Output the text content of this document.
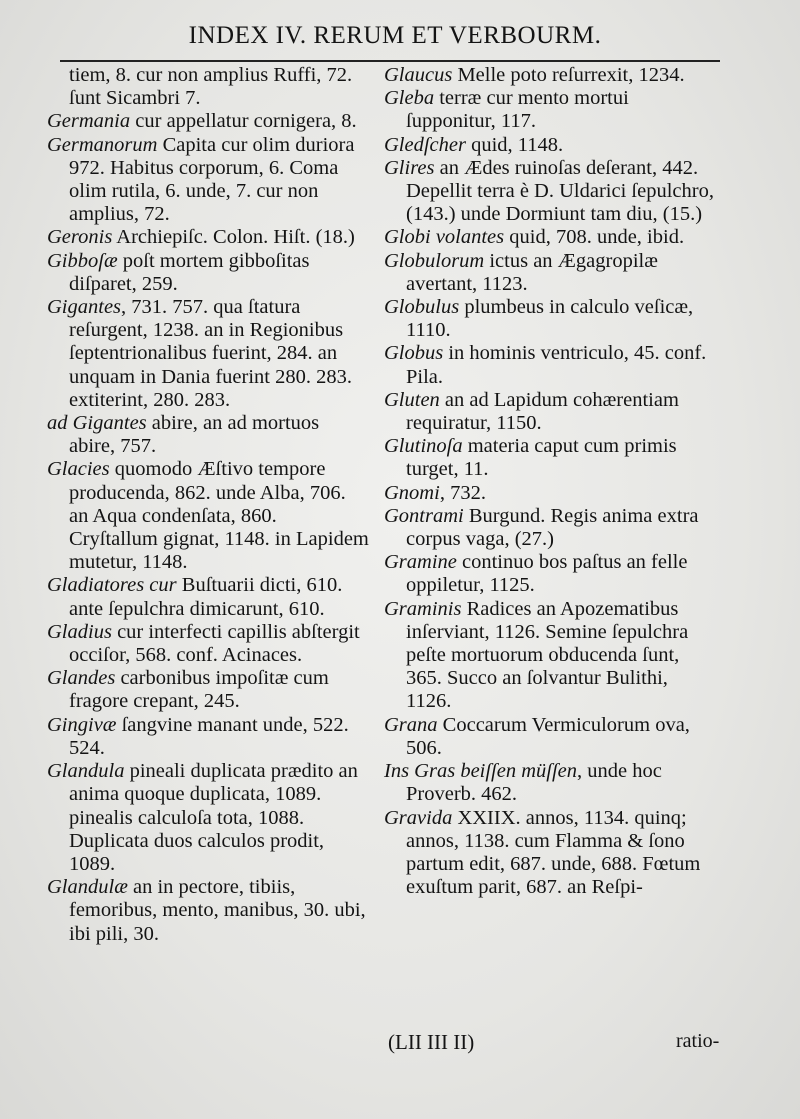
INDEX IV. RERUM ET VERBOURM.
tiem, 8. cur non amplius Ruffi, 72. ſunt Sicambri 7.
Germania cur appellatur cornigera, 8.
Germanorum Capita cur olim duriora 972. Habitus corporum, 6. Coma olim rutila, 6. unde, 7. cur non amplius, 72.
Geronis Archiepiſc. Colon. Hiſt. (18.)
Gibboſæ poſt mortem gibboſitas diſparet, 259.
Gigantes, 731. 757. qua ſtatura reſurgent, 1238. an in Regionibus ſeptentrionalibus fuerint, 284. an unquam in Dania fuerint 280. 283. extiterint, 280. 283.
ad Gigantes abire, an ad mortuos abire, 757.
Glacies quomodo Æſtivo tempore producenda, 862. unde Alba, 706. an Aqua condenſata, 860. Cryſtallum gignat, 1148. in Lapidem mutetur, 1148.
Gladiatores cur Buſtuarii dicti, 610. ante ſepulchra dimicarunt, 610.
Gladius cur interfecti capillis abſtergit occiſor, 568. conf. Acinaces.
Glandes carbonibus impoſitæ cum fragore crepant, 245.
Gingivæ ſangvine manant unde, 522. 524.
Glandula pineali duplicata prædito an anima quoque duplicata, 1089. pinealis calculoſa tota, 1088. Duplicata duos calculos prodit, 1089.
Glandulæ an in pectore, tibiis, femoribus, mento, manibus, 30. ubi, ibi pili, 30.
Glaucus Melle poto reſurrexit, 1234.
Gleba terræ cur mento mortui ſupponitur, 117.
Gledſcher quid, 1148.
Glires an Ædes ruinoſas deſerant, 442. Depellit terra è D. Uldarici ſepulchro, (143.) unde Dormiunt tam diu, (15.)
Globi volantes quid, 708. unde, ibid.
Globulorum ictus an Ægagropilæ avertant, 1123.
Globulus plumbeus in calculo veſicæ, 1110.
Globus in hominis ventriculo, 45. conf. Pila.
Gluten an ad Lapidum cohærentiam requiratur, 1150.
Glutinoſa materia caput cum primis turget, 11.
Gnomi, 732.
Gontrami Burgund. Regis anima extra corpus vaga, (27.)
Gramine continuo bos paſtus an felle oppiletur, 1125.
Graminis Radices an Apozematibus inſerviant, 1126. Semine ſepulchra peſte mortuorum obducenda ſunt, 365. Succo an ſolvantur Bulithi, 1126.
Grana Coccarum Vermiculorum ova, 506.
Ins Gras beiſſen müſſen, unde hoc Proverb. 462.
Gravida XXIIX. annos, 1134. quinq; annos, 1138. cum Flamma & ſono partum edit, 687. unde, 688. Fœtum exuſtum parit, 687. an Reſpi-
(LII III II)	ratio-
